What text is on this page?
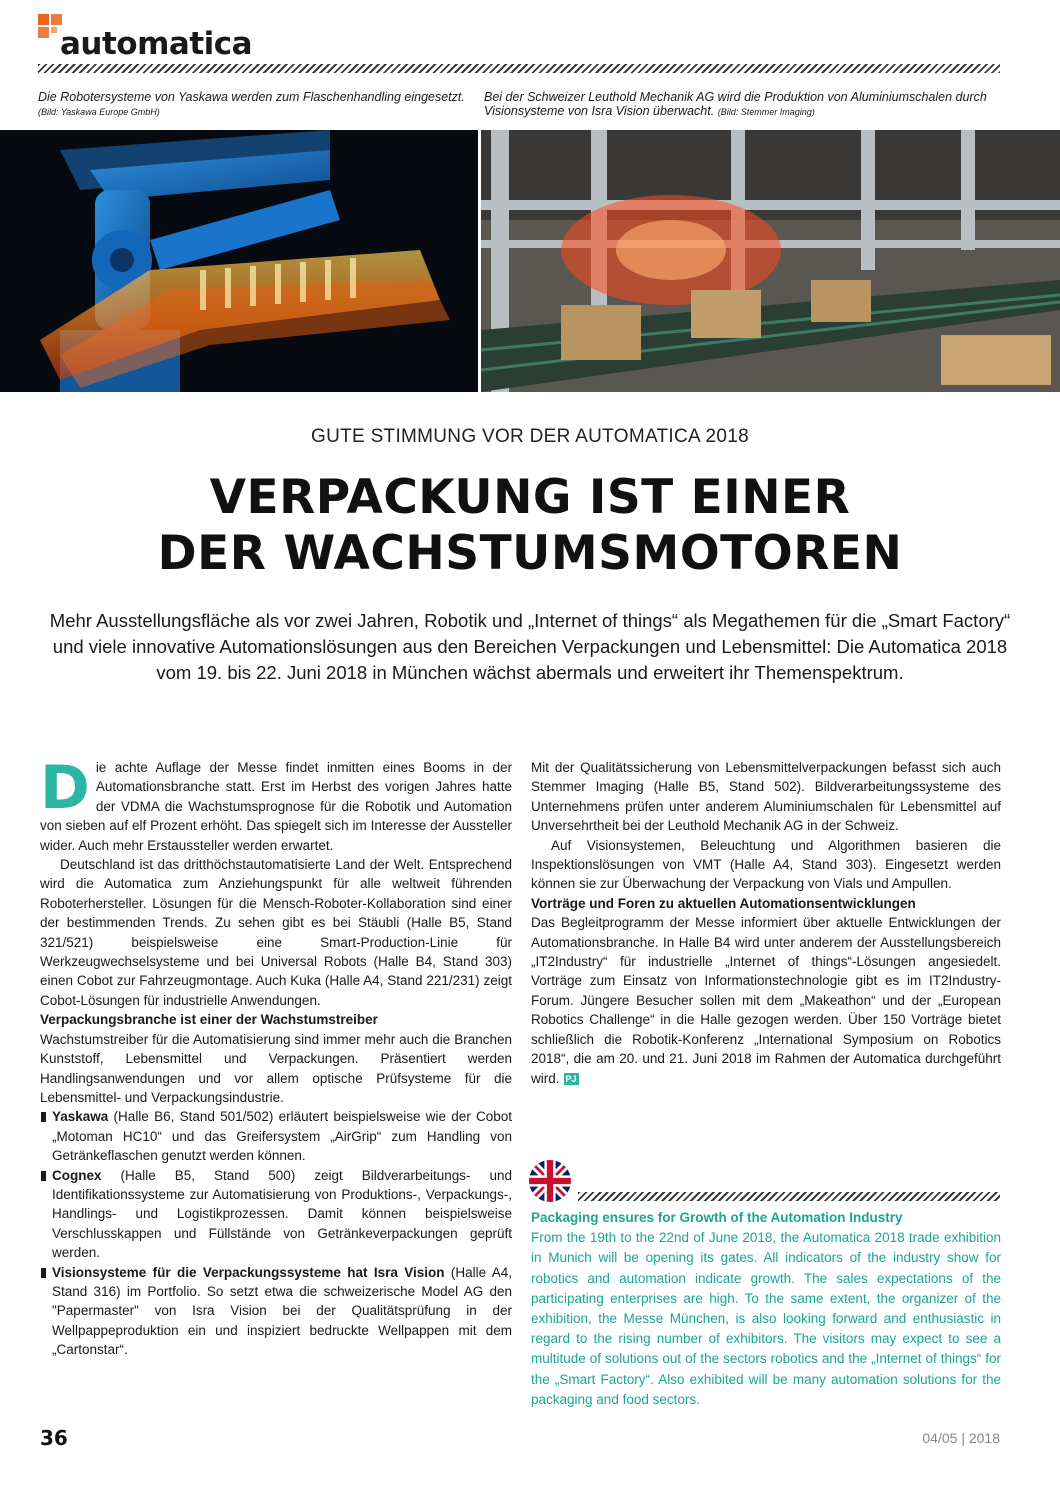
automatica
Die Robotersysteme von Yaskawa werden zum Flaschenhandling eingesetzt.
(Bild: Yaskawa Europe GmbH)
Bei der Schweizer Leuthold Mechanik AG wird die Produktion von Aluminiumschalen durch Visionsysteme von Isra Vision überwacht. (Bild: Stemmer Imaging)
GUTE STIMMUNG VOR DER AUTOMATICA 2018
VERPACKUNG IST EINER
DER WACHSTUMSMOTOREN
Mehr Ausstellungsfläche als vor zwei Jahren, Robotik und „Internet of things“ als Megathemen für die „Smart Factory“ und viele innovative Automationslösungen aus den Bereichen Verpackungen und Lebensmittel: Die Automatica 2018 vom 19. bis 22. Juni 2018 in München wächst abermals und erweitert ihr Themenspektrum.

Die achte Auflage der Messe findet inmitten eines Booms in der Automationsbranche statt. Erst im Herbst des vorigen Jahres hatte der VDMA die Wachstumsprognose für die Robotik und Automation von sieben auf elf Prozent erhöht. Das spiegelt sich im Interesse der Aussteller wider. Auch mehr Erstaussteller werden erwartet.

Deutschland ist das dritthöchstautomatisierte Land der Welt. Entsprechend wird die Automatica zum Anziehungspunkt für alle weltweit führenden Roboterhersteller. Lösungen für die Mensch-Roboter-Kollaboration sind einer der bestimmenden Trends. Zu sehen gibt es bei Stäubli (Halle B5, Stand 321/521) beispielsweise eine Smart-Production-Linie für Werkzeugwechselsysteme und bei Universal Robots (Halle B4, Stand 303) einen Cobot zur Fahrzeugmontage. Auch Kuka (Halle A4, Stand 221/231) zeigt Cobot-Lösungen für industrielle Anwendungen.

Verpackungsbranche ist einer der Wachstumstreiber

Wachstumstreiber für die Automatisierung sind immer mehr auch die Branchen Kunststoff, Lebensmittel und Verpackungen. Präsentiert werden Handlingsanwendungen und vor allem optische Prüfsysteme für die Lebensmittel- und Verpackungsindustrie.

Yaskawa (Halle B6, Stand 501/502) erläutert beispielsweise wie der Cobot „Motoman HC10“ und das Greifersystem „AirGrip“ zum Handling von Getränkeflaschen genutzt werden können.

Cognex (Halle B5, Stand 500) zeigt Bildverarbeitungs- und Identifikationssysteme zur Automatisierung von Produktions-, Verpackungs-, Handlings- und Logistikprozessen. Damit können beispielsweise Verschlusskappen und Füllstände von Getränkeverpackungen geprüft werden.

Visionsysteme für die Verpackungssysteme hat Isra Vision (Halle A4, Stand 316) im Portfolio. So setzt etwa die schweizerische Model AG den "Papermaster" von Isra Vision bei der Qualitätsprüfung in der Wellpappeproduktion ein und inspiziert bedruckte Wellpappen mit dem „Cartonstar“.

Mit der Qualitätssicherung von Lebensmittelverpackungen befasst sich auch Stemmer Imaging (Halle B5, Stand 502). Bildverarbeitungssysteme des Unternehmens prüfen unter anderem Aluminiumschalen für Lebensmittel auf Unversehrtheit bei der Leuthold Mechanik AG in der Schweiz.

Auf Visionsystemen, Beleuchtung und Algorithmen basieren die Inspektionslösungen von VMT (Halle A4, Stand 303). Eingesetzt werden können sie zur Überwachung der Verpackung von Vials und Ampullen.

Vorträge und Foren zu aktuellen Automationsentwicklungen

Das Begleitprogramm der Messe informiert über aktuelle Entwicklungen der Automationsbranche. In Halle B4 wird unter anderem der Ausstellungsbereich „IT2Industry“ für industrielle „Internet of things“-Lösungen angesiedelt. Vorträge zum Einsatz von Informationstechnologie gibt es im IT2Industry-Forum. Jüngere Besucher sollen mit dem „Makeathon“ und der „European Robotics Challenge“ in die Halle gezogen werden. Über 150 Vorträge bietet schließlich die Robotik-Konferenz „International Symposium on Robotics 2018“, die am 20. und 21. Juni 2018 im Rahmen der Automatica durchgeführt wird. PJ

Packaging ensures for Growth of the Automation Industry
From the 19th to the 22nd of June 2018, the Automatica 2018 trade exhibition in Munich will be opening its gates. All indicators of the industry show for robotics and automation indicate growth. The sales expectations of the participating enterprises are high. To the same extent, the organizer of the exhibition, the Messe München, is also looking forward and enthusiastic in regard to the rising number of exhibitors. The visitors may expect to see a multitude of solutions out of the sectors robotics and the „Internet of things“ for the „Smart Factory“. Also exhibited will be many automation solutions for the packaging and food sectors.
36	04/05 | 2018
